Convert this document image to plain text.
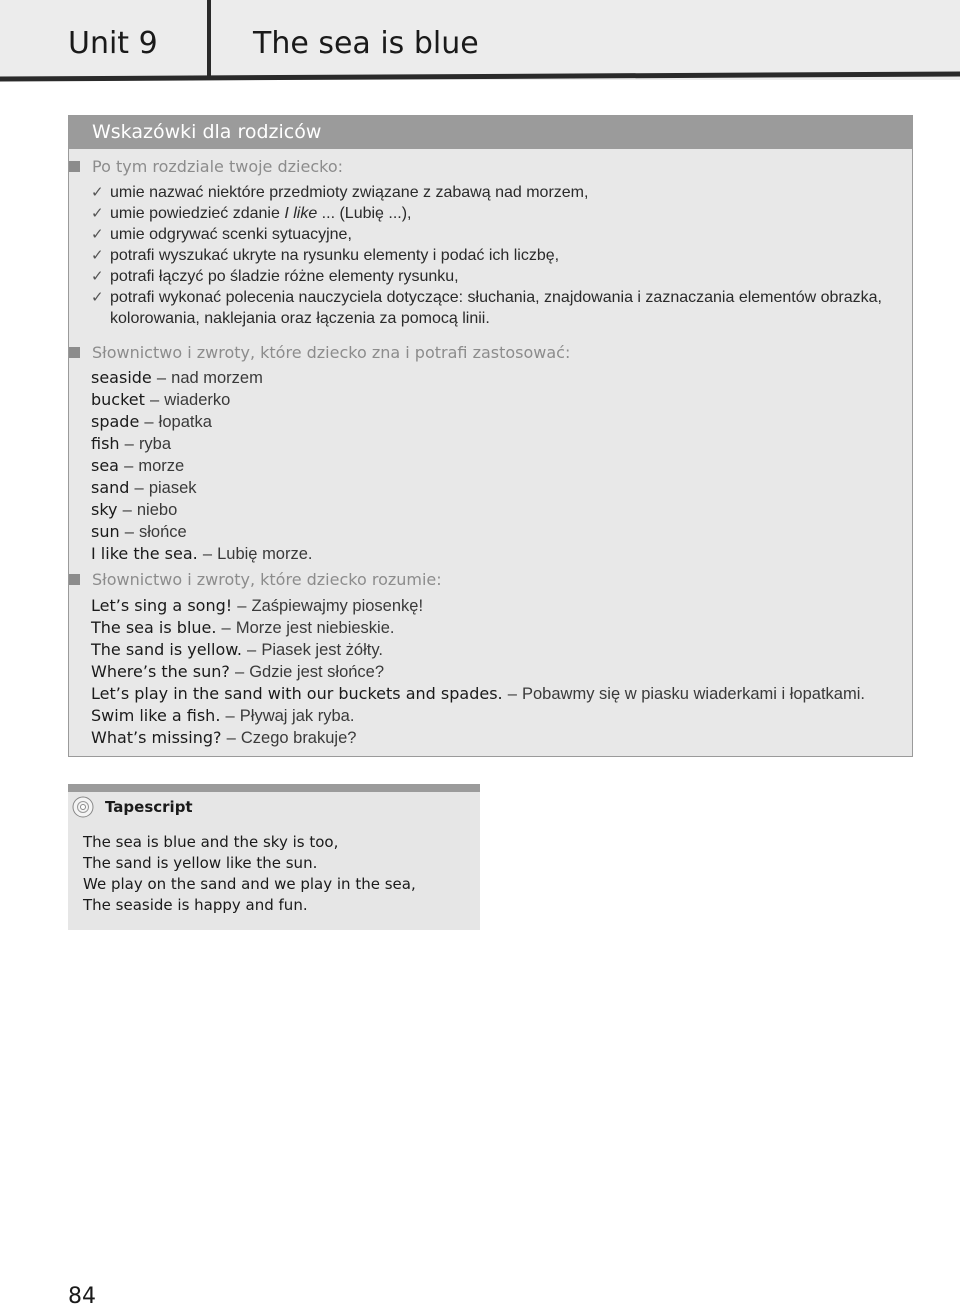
Unit 9	The sea is blue
Wskazówki dla rodziców
Po tym rozdziale twoje dziecko:
✓ umie nazwać niektóre przedmioty związane z zabawą nad morzem,
✓ umie powiedzieć zdanie I like ... (Lubię ...),
✓ umie odgrywać scenki sytuacyjne,
✓ potrafi wyszukać ukryte na rysunku elementy i podać ich liczbę,
✓ potrafi łączyć po śladzie różne elementy rysunku,
✓ potrafi wykonać polecenia nauczyciela dotyczące: słuchania, znajdowania i zaznaczania elementów obrazka, kolorowania, naklejania oraz łączenia za pomocą linii.
Słownictwo i zwroty, które dziecko zna i potrafi zastosować:
seaside – nad morzem
bucket – wiaderko
spade – łopatka
fish – ryba
sea – morze
sand – piasek
sky – niebo
sun – słońce
I like the sea. – Lubię morze.
Słownictwo i zwroty, które dziecko rozumie:
Let’s sing a song! – Zaśpiewajmy piosenkę!
The sea is blue. – Morze jest niebieskie.
The sand is yellow. – Piasek jest żółty.
Where’s the sun? – Gdzie jest słońce?
Let’s play in the sand with our buckets and spades. – Pobawmy się w piasku wiaderkami i łopatkami.
Swim like a fish. – Pływaj jak ryba.
What’s missing? – Czego brakuje?
Tapescript
The sea is blue and the sky is too,
The sand is yellow like the sun.
We play on the sand and we play in the sea,
The seaside is happy and fun.
84
